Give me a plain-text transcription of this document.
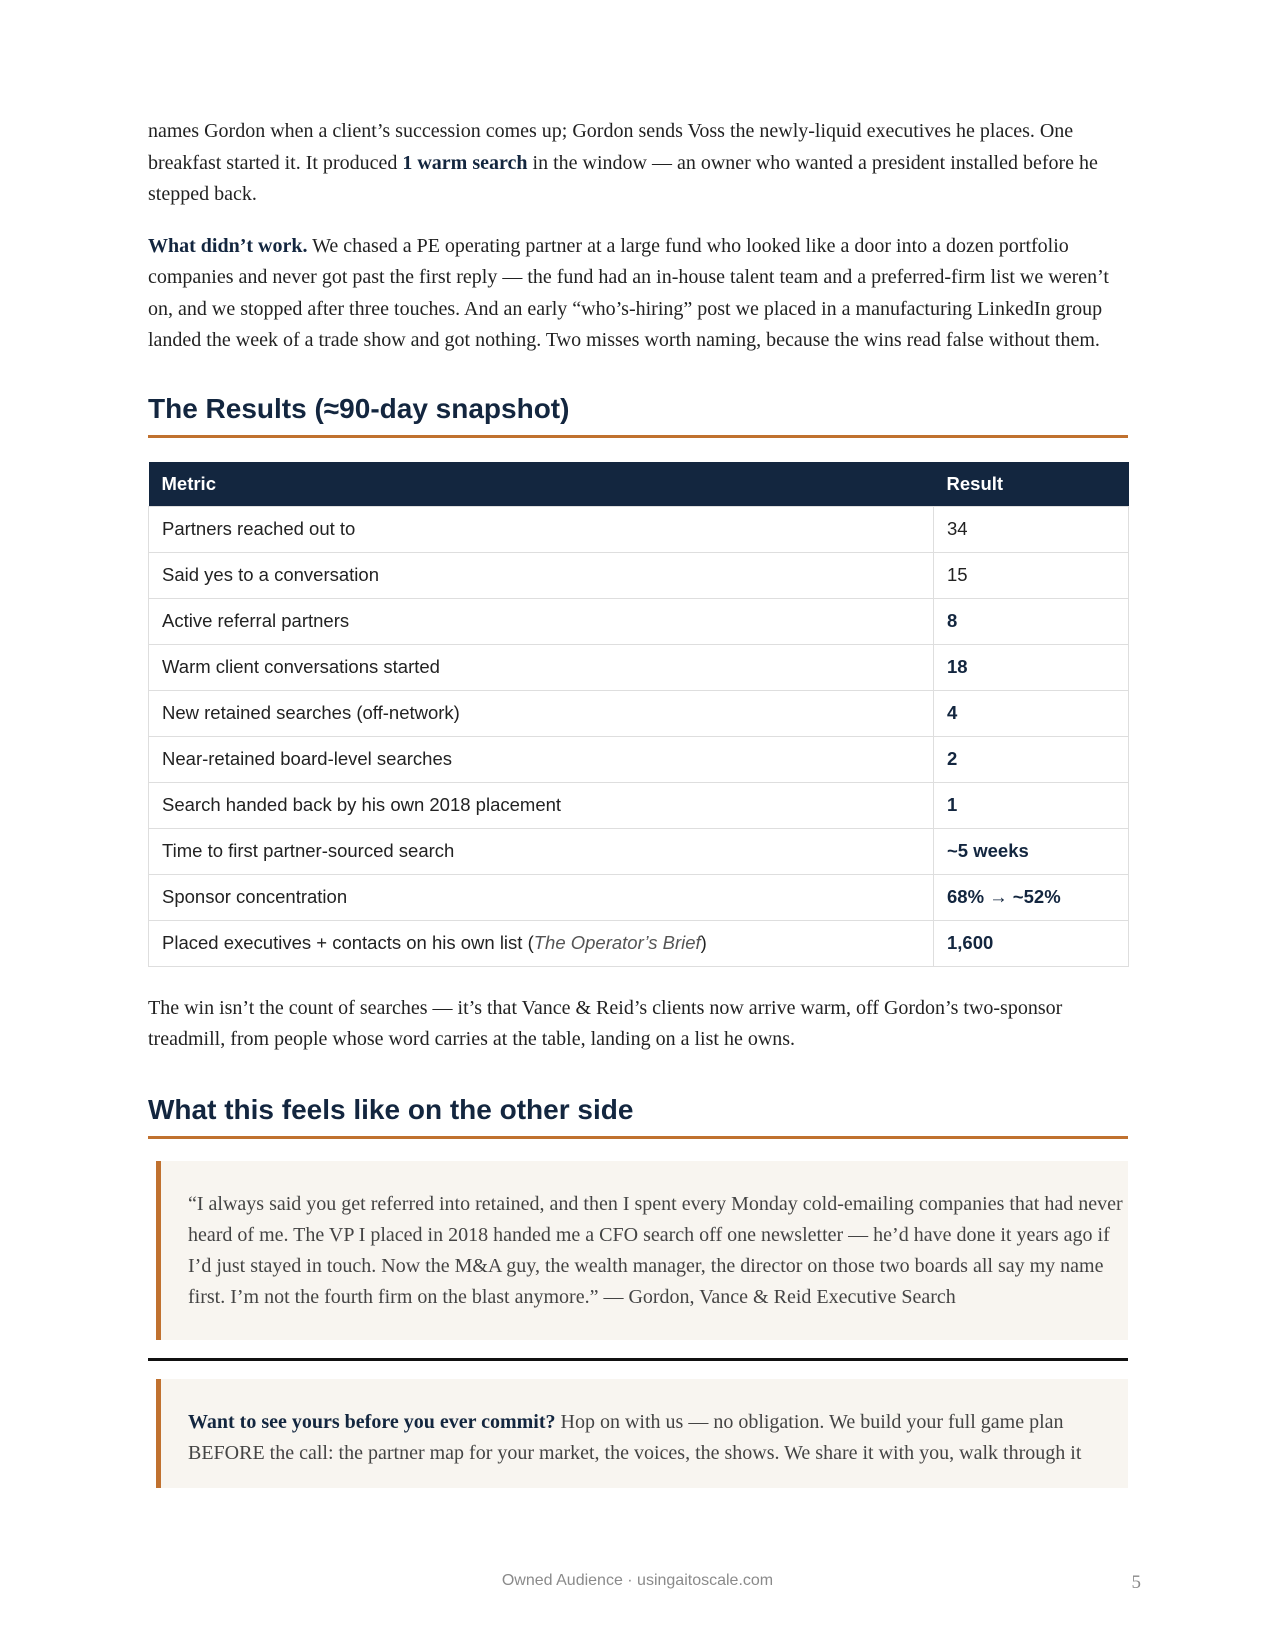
names Gordon when a client’s succession comes up; Gordon sends Voss the newly-liquid executives he places. One breakfast started it. It produced 1 warm search in the window — an owner who wanted a president installed before he stepped back.

What didn’t work. We chased a PE operating partner at a large fund who looked like a door into a dozen portfolio companies and never got past the first reply — the fund had an in-house talent team and a preferred-firm list we weren’t on, and we stopped after three touches. And an early “who’s-hiring” post we placed in a manufacturing LinkedIn group landed the week of a trade show and got nothing. Two misses worth naming, because the wins read false without them.

The Results (≈90-day snapshot)
Metric	Result
Partners reached out to	34
Said yes to a conversation	15
Active referral partners	8
Warm client conversations started	18
New retained searches (off-network)	4
Near-retained board-level searches	2
Search handed back by his own 2018 placement	1
Time to first partner-sourced search	~5 weeks
Sponsor concentration	68% → ~52%
Placed executives + contacts on his own list (The Operator’s Brief)	1,600

The win isn’t the count of searches — it’s that Vance & Reid’s clients now arrive warm, off Gordon’s two-sponsor treadmill, from people whose word carries at the table, landing on a list he owns.

What this feels like on the other side
“I always said you get referred into retained, and then I spent every Monday cold-emailing companies that had never heard of me. The VP I placed in 2018 handed me a CFO search off one newsletter — he’d have done it years ago if I’d just stayed in touch. Now the M&A guy, the wealth manager, the director on those two boards all say my name first. I’m not the fourth firm on the blast anymore.” — Gordon, Vance & Reid Executive Search
Want to see yours before you ever commit? Hop on with us — no obligation. We build your full game plan BEFORE the call: the partner map for your market, the voices, the shows. We share it with you, walk through it
Owned Audience · usingaitoscale.com	5
